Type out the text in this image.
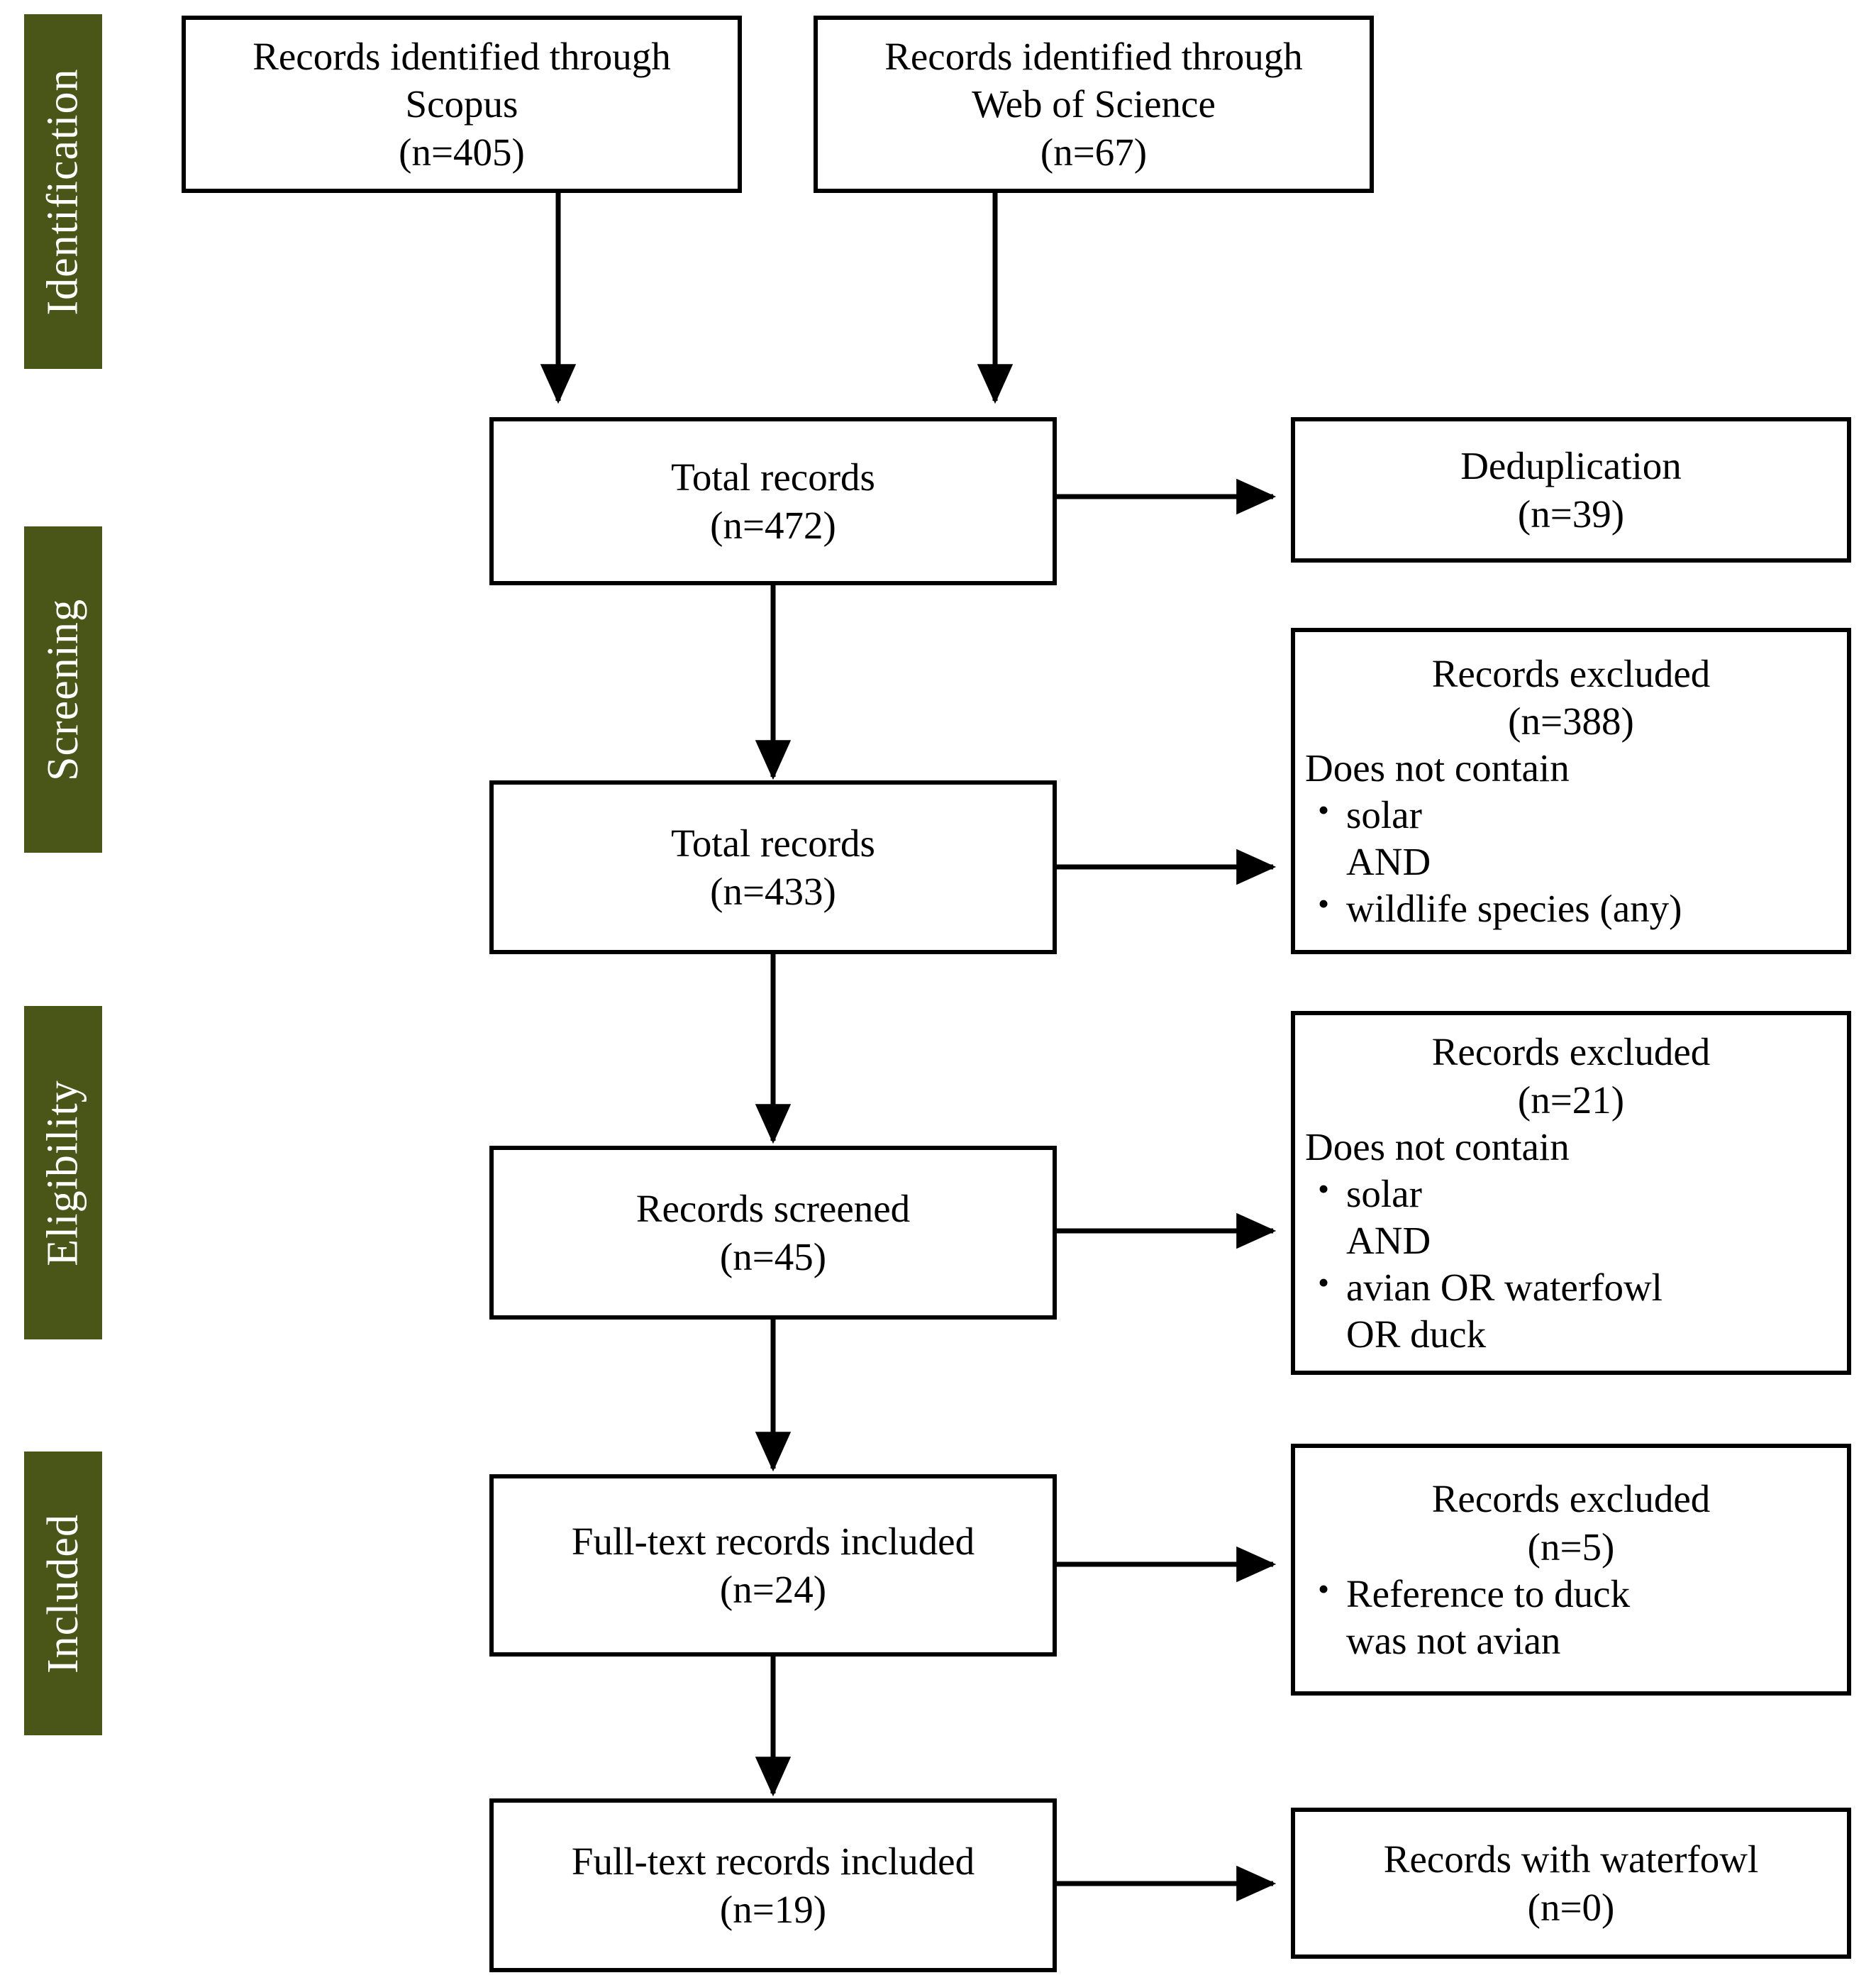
Identification
Screening
Eligibility
Included
Records identified through
Scopus
(n=405)
Records identified through
Web of Science
(n=67)
Total records
(n=472)
Deduplication
(n=39)
Total records
(n=433)
Records excluded
(n=388)
Does not contain
• solar
AND
• wildlife species (any)
Records screened
(n=45)
Records excluded
(n=21)
Does not contain
• solar
AND
• avian OR waterfowl
OR duck
Full-text records included
(n=24)
Records excluded
(n=5)
• Reference to duck
was not avian
Full-text records included
(n=19)
Records with waterfowl
(n=0)
